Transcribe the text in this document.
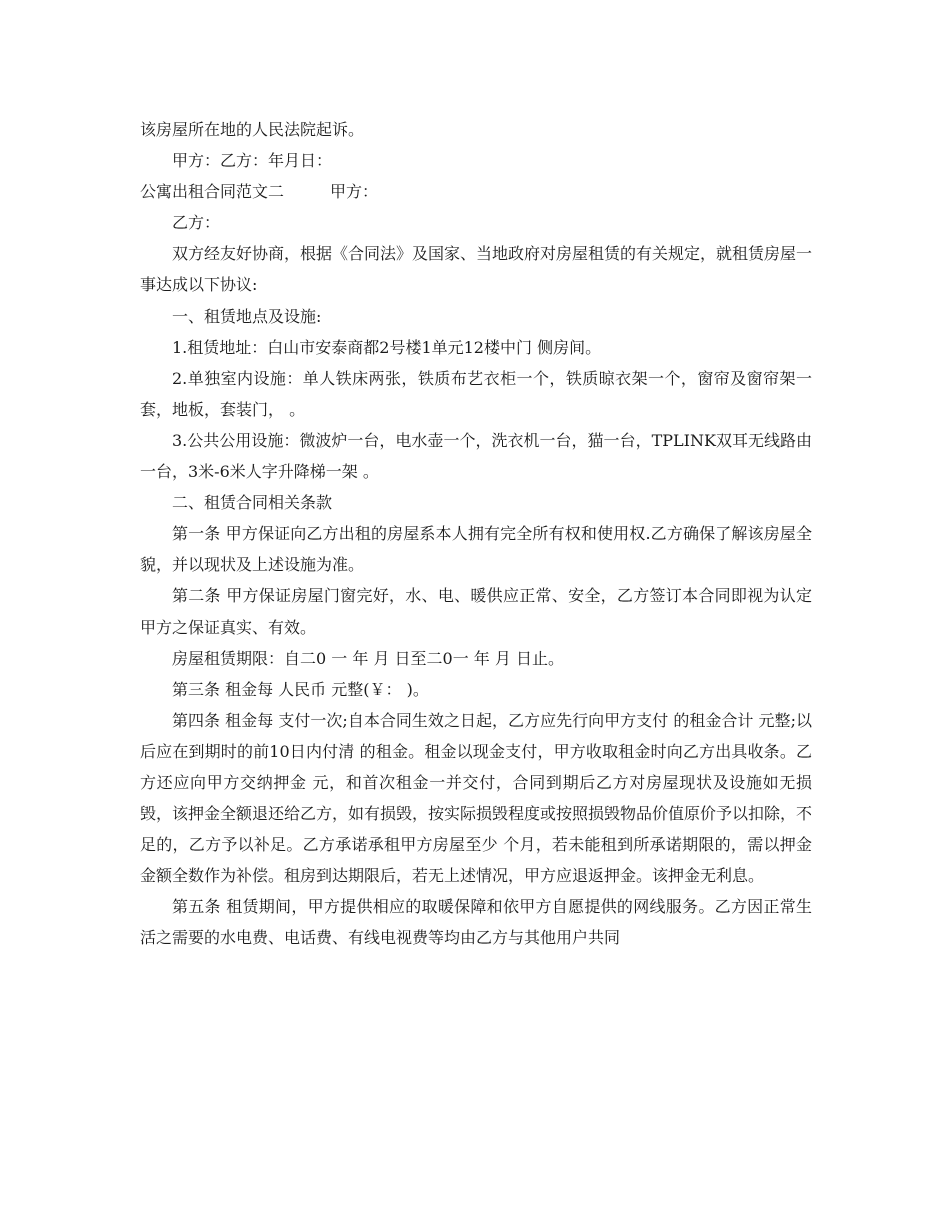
该房屋所在地的人民法院起诉。

甲方：乙方：年月日：

公寓出租合同范文二	甲方：

乙方：

双方经友好协商，根据《合同法》及国家、当地政府对房屋租赁的有关规定，就租赁房屋一事达成以下协议:

一、租赁地点及设施:

1.租赁地址：白山市安泰商都2号楼1单元12楼中门 侧房间。

2.单独室内设施：单人铁床两张，铁质布艺衣柜一个，铁质晾衣架一个，窗帘及窗帘架一套，地板，套装门， 。

3.公共公用设施：微波炉一台，电水壶一个，洗衣机一台，猫一台，TPLINK双耳无线路由一台，3米-6米人字升降梯一架 。

二、租赁合同相关条款

第一条 甲方保证向乙方出租的房屋系本人拥有完全所有权和使用权.乙方确保了解该房屋全貌，并以现状及上述设施为准。

第二条 甲方保证房屋门窗完好，水、电、暖供应正常、安全，乙方签订本合同即视为认定甲方之保证真实、有效。

房屋租赁期限：自二0 一 年 月 日至二0一 年 月 日止。

第三条 租金每 人民币 元整(￥： )。

第四条 租金每 支付一次;自本合同生效之日起，乙方应先行向甲方支付 的租金合计 元整;以后应在到期时的前10日内付清 的租金。租金以现金支付，甲方收取租金时向乙方出具收条。乙方还应向甲方交纳押金 元，和首次租金一并交付，合同到期后乙方对房屋现状及设施如无损毁，该押金全额退还给乙方，如有损毁，按实际损毁程度或按照损毁物品价值原价予以扣除，不足的，乙方予以补足。乙方承诺承租甲方房屋至少 个月，若未能租到所承诺期限的，需以押金金额全数作为补偿。租房到达期限后，若无上述情况，甲方应退返押金。该押金无利息。

第五条 租赁期间，甲方提供相应的取暖保障和依甲方自愿提供的网线服务。乙方因正常生活之需要的水电费、电话费、有线电视费等均由乙方与其他用户共同
